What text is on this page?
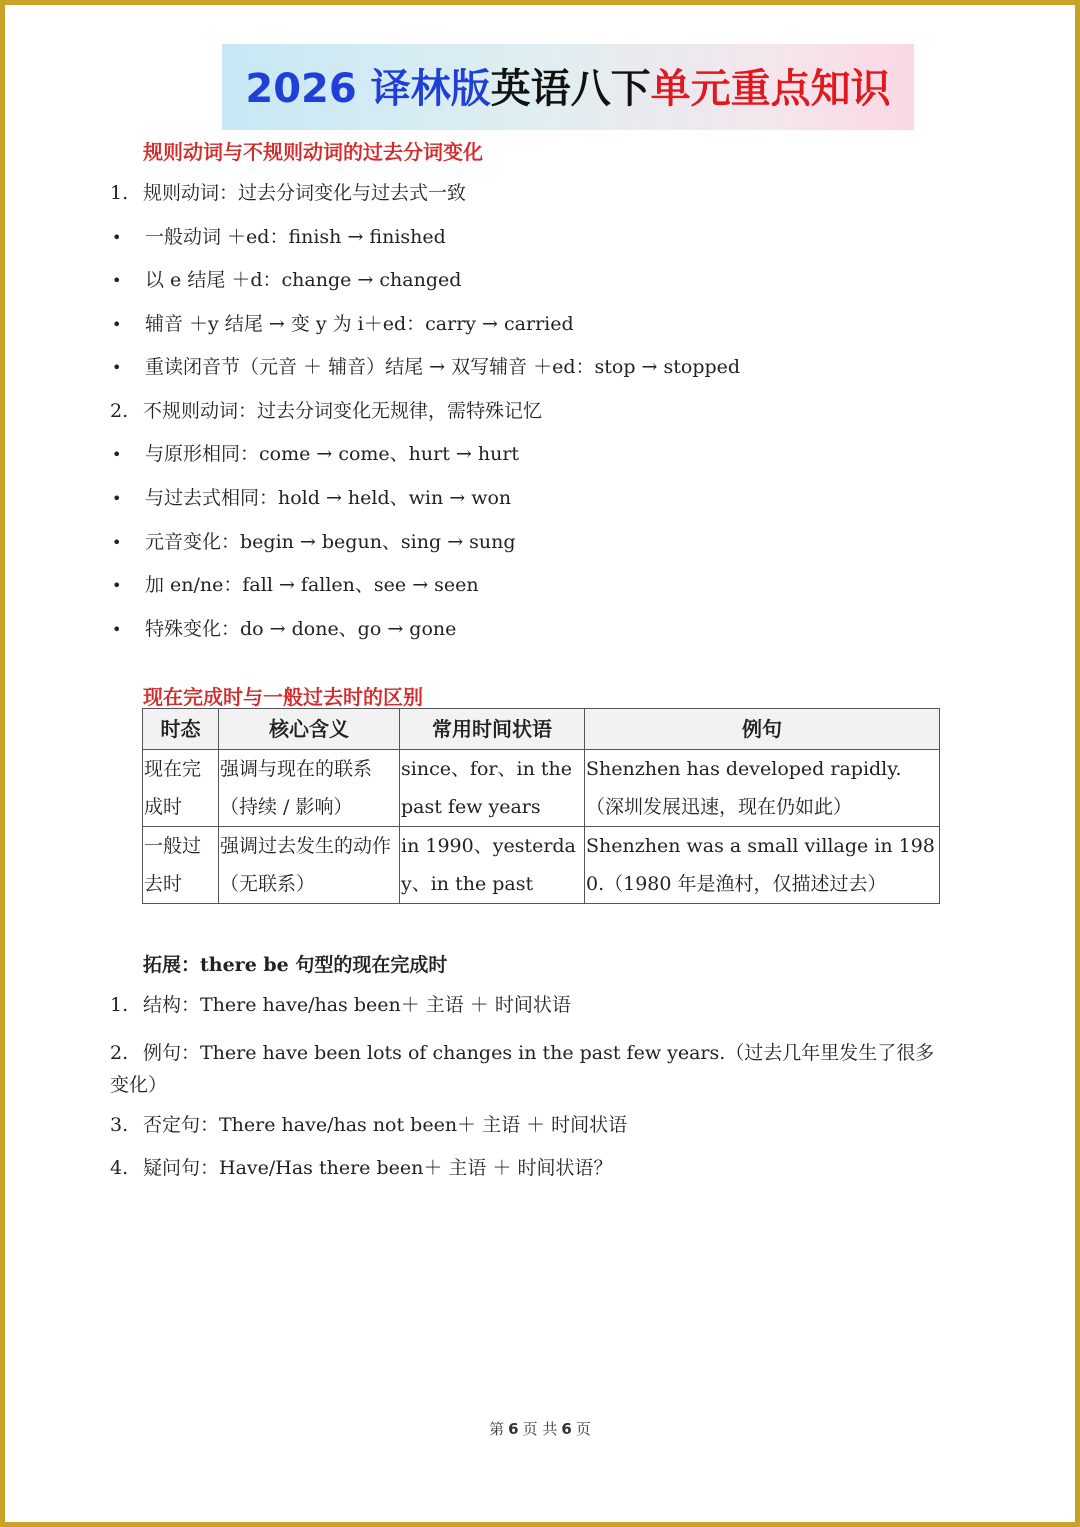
2026 译林版英语八下单元重点知识
规则动词与不规则动词的过去分词变化
1. 规则动词：过去分词变化与过去式一致
• 一般动词 ＋ed：finish → finished
• 以 e 结尾 ＋d：change → changed
• 辅音 ＋y 结尾 → 变 y 为 i＋ed：carry → carried
• 重读闭音节（元音 ＋ 辅音）结尾 → 双写辅音 ＋ed：stop → stopped
2. 不规则动词：过去分词变化无规律，需特殊记忆
• 与原形相同：come → come、hurt → hurt
• 与过去式相同：hold → held、win → won
• 元音变化：begin → begun、sing → sung
• 加 en/ne：fall → fallen、see → seen
• 特殊变化：do → done、go → gone
现在完成时与一般过去时的区别
时态	核心含义	常用时间状语	例句
现在完成时	强调与现在的联系（持续 / 影响）	since、for、in the past few years	Shenzhen has developed rapidly.（深圳发展迅速，现在仍如此）
一般过去时	强调过去发生的动作（无联系）	in 1990、yesterday、in the past	Shenzhen was a small village in 1980.（1980 年是渔村，仅描述过去）
拓展：there be 句型的现在完成时
1. 结构：There have/has been＋ 主语 ＋ 时间状语
2. 例句：There have been lots of changes in the past few years.（过去几年里发生了很多变化）
3. 否定句：There have/has not been＋ 主语 ＋ 时间状语
4. 疑问句：Have/Has there been＋ 主语 ＋ 时间状语？
第 6 页 共 6 页
